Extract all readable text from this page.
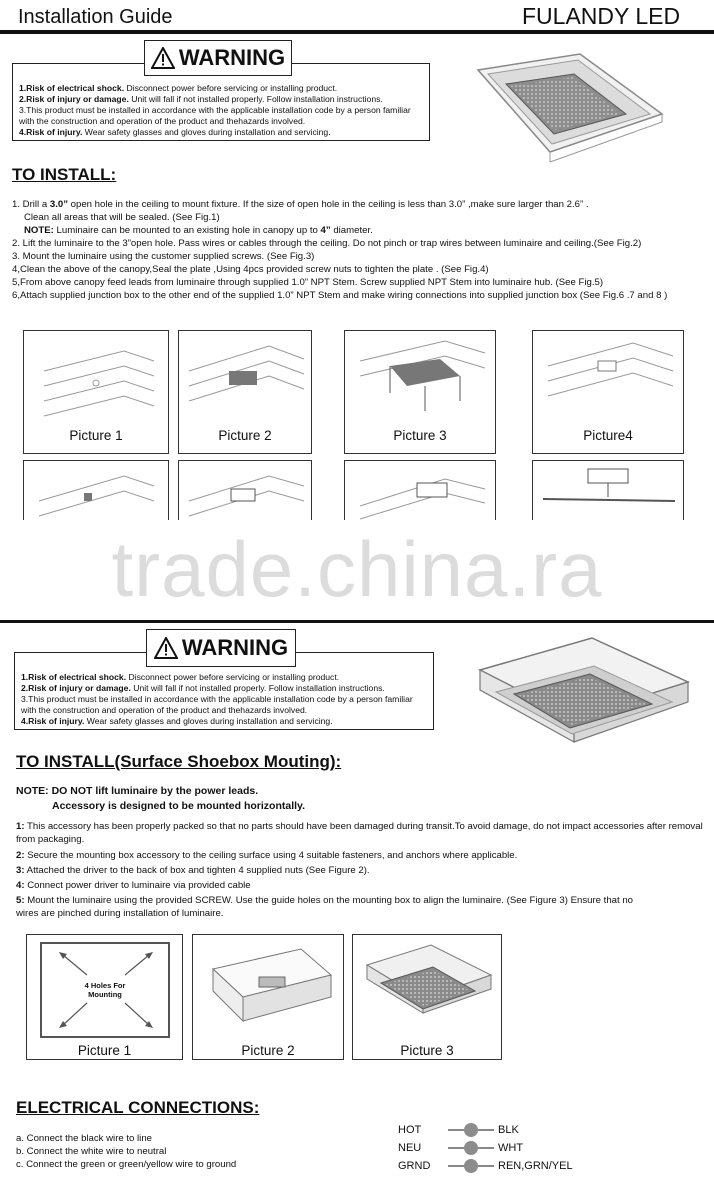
Installation Guide	FULANDY LED
1.Risk of electrical shock. Disconnect power before servicing or installing product.
2.Risk of injury or damage. Unit will fall if not installed properly. Follow installation instructions.
3.This product must be installed in accordance with the applicable installation code by a person familiar with the construction and operation of the product and thehazards involved.
4.Risk of injury. Wear safety glasses and gloves during installation and servicing.
WARNING
TO INSTALL:

1. Drill a 3.0” open hole in the ceiling to mount fixture. If the size of open hole in the ceiling is less than 3.0” ,make sure larger than 2.6” .

Clean all areas that will be sealed. (See Fig.1)

NOTE: Luminaire can be mounted to an existing hole in canopy up to 4” diameter.

2. Lift the luminaire to the 3”open hole. Pass wires or cables through the ceiling. Do not pinch or trap wires between luminaire and ceiling.(See Fig.2)

3. Mount the luminaire using the customer supplied screws. (See Fig.3)

4,Clean the above of the canopy,Seal the plate ,Using 4pcs provided screw nuts to tighten the plate . (See Fig.4)

5,From above canopy feed leads from luminaire through supplied 1.0” NPT Stem. Screw supplied NPT Stem into luminaire hub. (See Fig.5)

6,Attach supplied junction box to the other end of the supplied 1.0” NPT Stem and make wiring connections into supplied junction box (See Fig.6 .7 and 8 )

Picture 1	Picture 2	Picture 3	Picture4
trade.china.ra
1.Risk of electrical shock. Disconnect power before servicing or installing product.
2.Risk of injury or damage. Unit will fall if not installed properly. Follow installation instructions.
3.This product must be installed in accordance with the applicable installation code by a person familiar with the construction and operation of the product and thehazards involved.
4.Risk of injury. Wear safety glasses and gloves during installation and servicing.
WARNING
TO INSTALL(Surface Shoebox Mouting):
NOTE: DO NOT lift luminaire by the power leads.
Accessory is designed to be mounted horizontally.

1: This accessory has been properly packed so that no parts should have been damaged during transit.To avoid damage, do not impact accessories after removal from packaging.

2: Secure the mounting box accessory to the ceiling surface using 4 suitable fasteners, and anchors where applicable.

3: Attached the driver to the back of box and tighten 4 supplied nuts (See Figure 2).

4: Connect power driver to luminaire via provided cable

5: Mount the luminaire using the provided SCREW. Use the guide holes on the mounting box to align the luminaire. (See Figure 3) Ensure that no wires are pinched during installation of luminaire.

4 Holes For Mounting
Picture 1	Picture 2	Picture 3
ELECTRICAL CONNECTIONS:
a. Connect the black wire to line
b. Connect the white wire to neutral
c. Connect the green or green/yellow wire to ground
HOT	BLK
NEU	WHT
GRND	REN,GRN/YEL
